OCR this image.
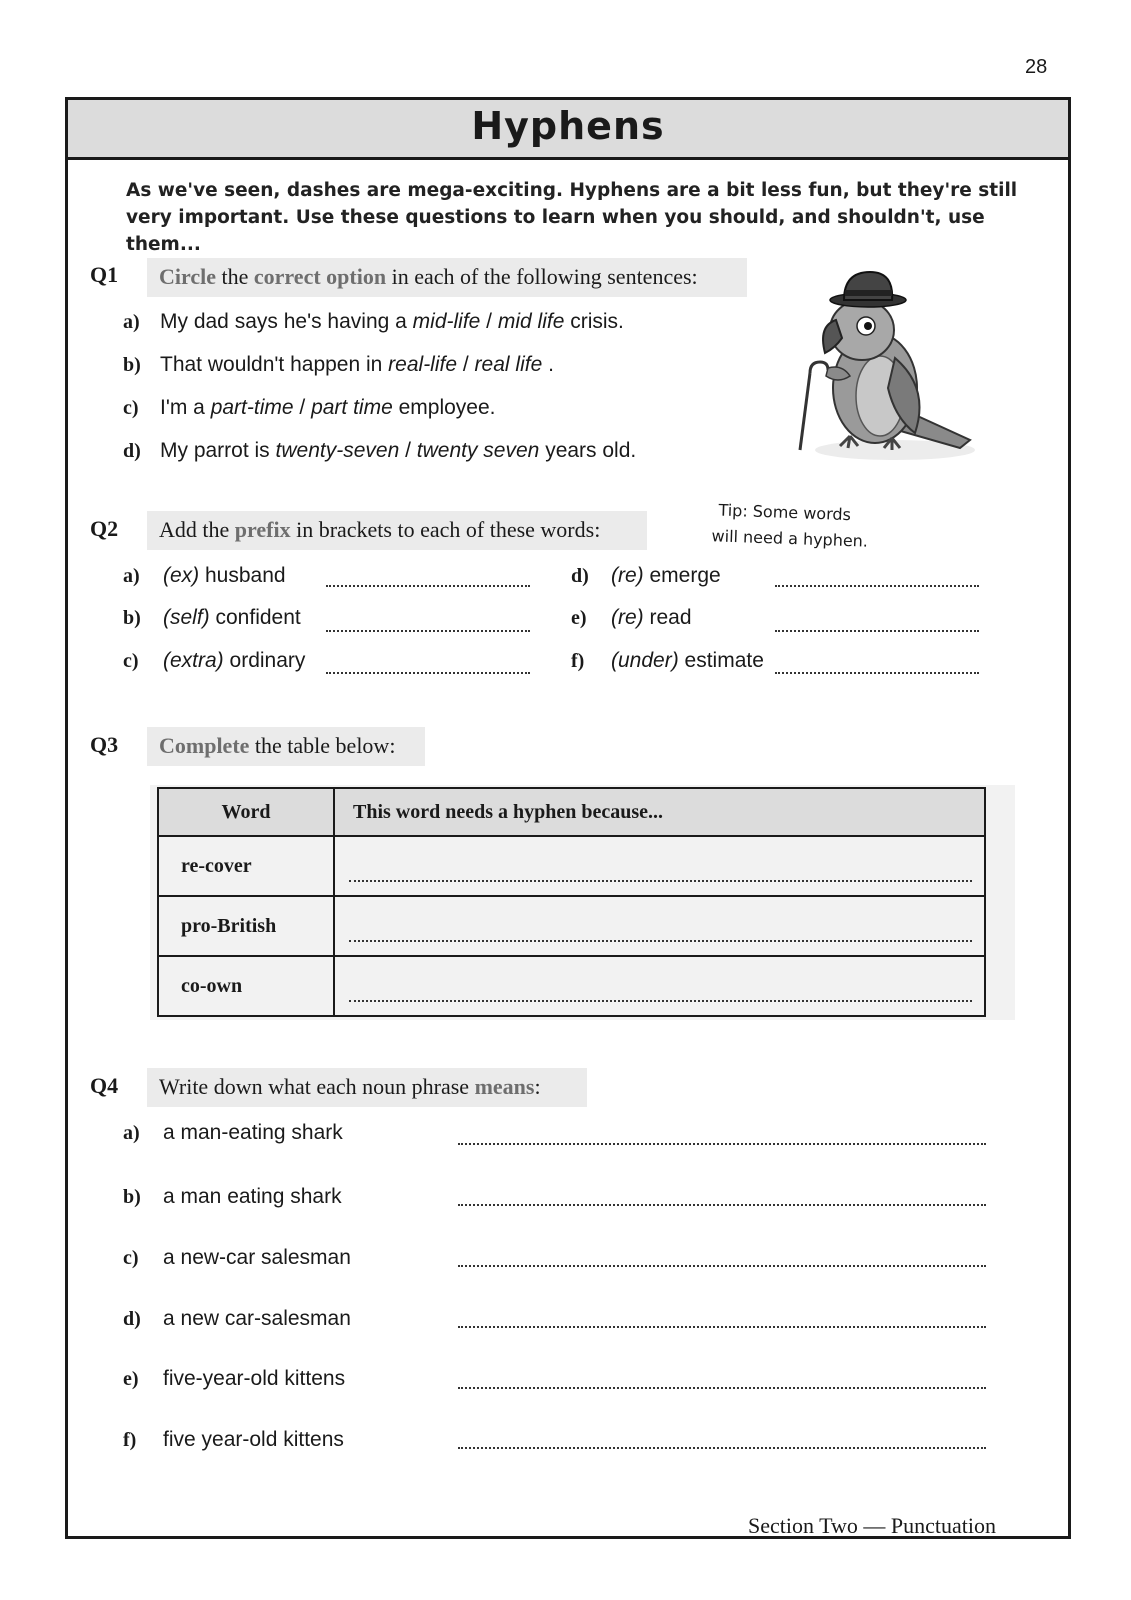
28
Hyphens
As we've seen, dashes are mega-exciting. Hyphens are a bit less fun, but they're still very important. Use these questions to learn when you should, and shouldn't, use them...
Q1	Circle the correct option in each of the following sentences:
a) My dad says he's having a mid-life / mid life crisis.
b) That wouldn't happen in real-life / real life .
c) I'm a part-time / part time employee.
d) My parrot is twenty-seven / twenty seven years old.
Q2	Add the prefix in brackets to each of these words:
Tip: Some words
will need a hyphen.
a) (ex) husband
b) (self) confident
c) (extra) ordinary
d) (re) emerge
e) (re) read
f) (under) estimate
Q3	Complete the table below:
Word	This word needs a hyphen because...
re-cover	

pro-British	

co-own	
Q4	Write down what each noun phrase means:
a) a man-eating shark
b) a man eating shark
c) a new-car salesman
d) a new car-salesman
e) five-year-old kittens
f) five year-old kittens
Section Two — Punctuation
